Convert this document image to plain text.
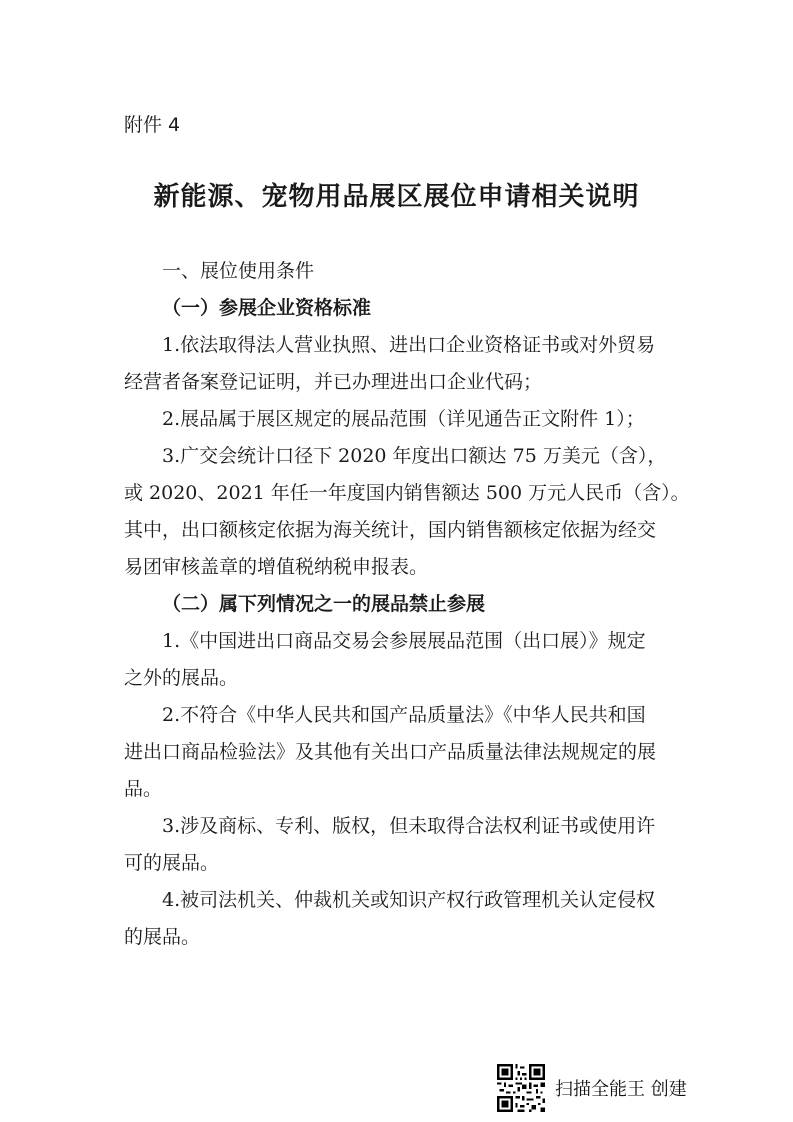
附件 4
新能源、宠物用品展区展位申请相关说明
一、展位使用条件
（一）参展企业资格标准
1.依法取得法人营业执照、进出口企业资格证书或对外贸易
经营者备案登记证明，并已办理进出口企业代码；
2.展品属于展区规定的展品范围（详见通告正文附件 1）；
3.广交会统计口径下 2020 年度出口额达 75 万美元（含），
或 2020、2021 年任一年度国内销售额达 500 万元人民币（含）。
其中，出口额核定依据为海关统计，国内销售额核定依据为经交
易团审核盖章的增值税纳税申报表。
（二）属下列情况之一的展品禁止参展
1.《中国进出口商品交易会参展展品范围（出口展）》规定
之外的展品。
2.不符合《中华人民共和国产品质量法》《中华人民共和国
进出口商品检验法》及其他有关出口产品质量法律法规规定的展
品。
3.涉及商标、专利、版权，但未取得合法权利证书或使用许
可的展品。
4.被司法机关、仲裁机关或知识产权行政管理机关认定侵权
的展品。
扫描全能王 创建
